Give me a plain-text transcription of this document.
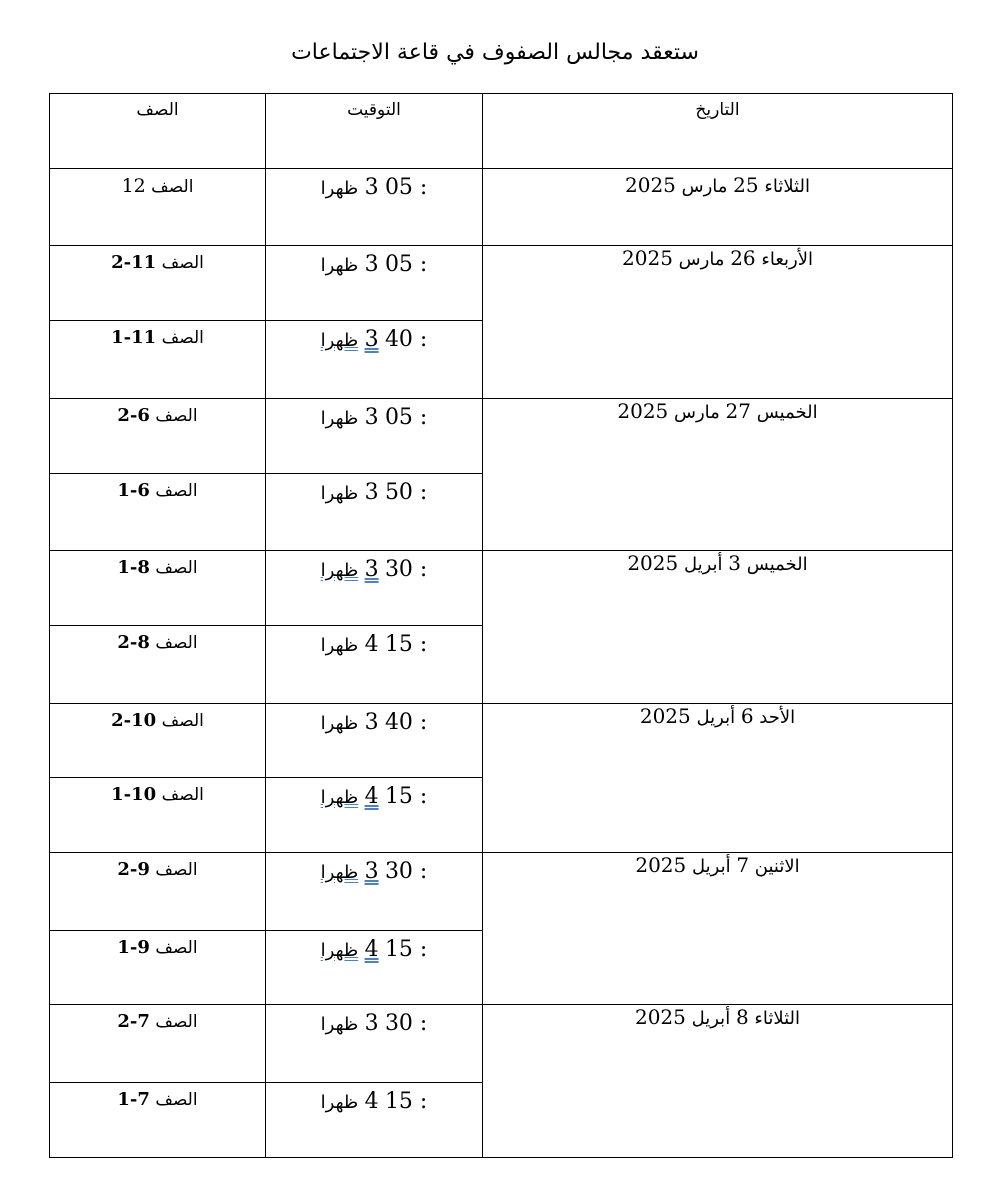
ستعقد مجالس الصفوف في قاعة الاجتماعات
الصف	التوقيت	التاريخ

الصف 12	05 : 3 ظهرا	الثلاثاء 25 مارس 2025

الصف 11-2	05 : 3 ظهرا	الأربعاء 26 مارس 2025

الصف 11-1	40 : 3 ظهرا	

الصف 6-2	05 : 3 ظهرا	الخميس 27 مارس 2025

الصف 6-1	50 : 3 ظهرا	

الصف 8-1	30 : 3 ظهرا	الخميس 3 أبريل 2025

الصف 8-2	15 : 4 ظهرا	

الصف 10-2	40 : 3 ظهرا	الأحد 6 أبريل 2025

الصف 10-1	15 : 4 ظهرا	

الصف 9-2	30 : 3 ظهرا	الاثنين 7 أبريل 2025

الصف 9-1	15 : 4 ظهرا	

الصف 7-2	30 : 3 ظهرا	الثلاثاء 8 أبريل 2025

الصف 7-1	15 : 4 ظهرا	
